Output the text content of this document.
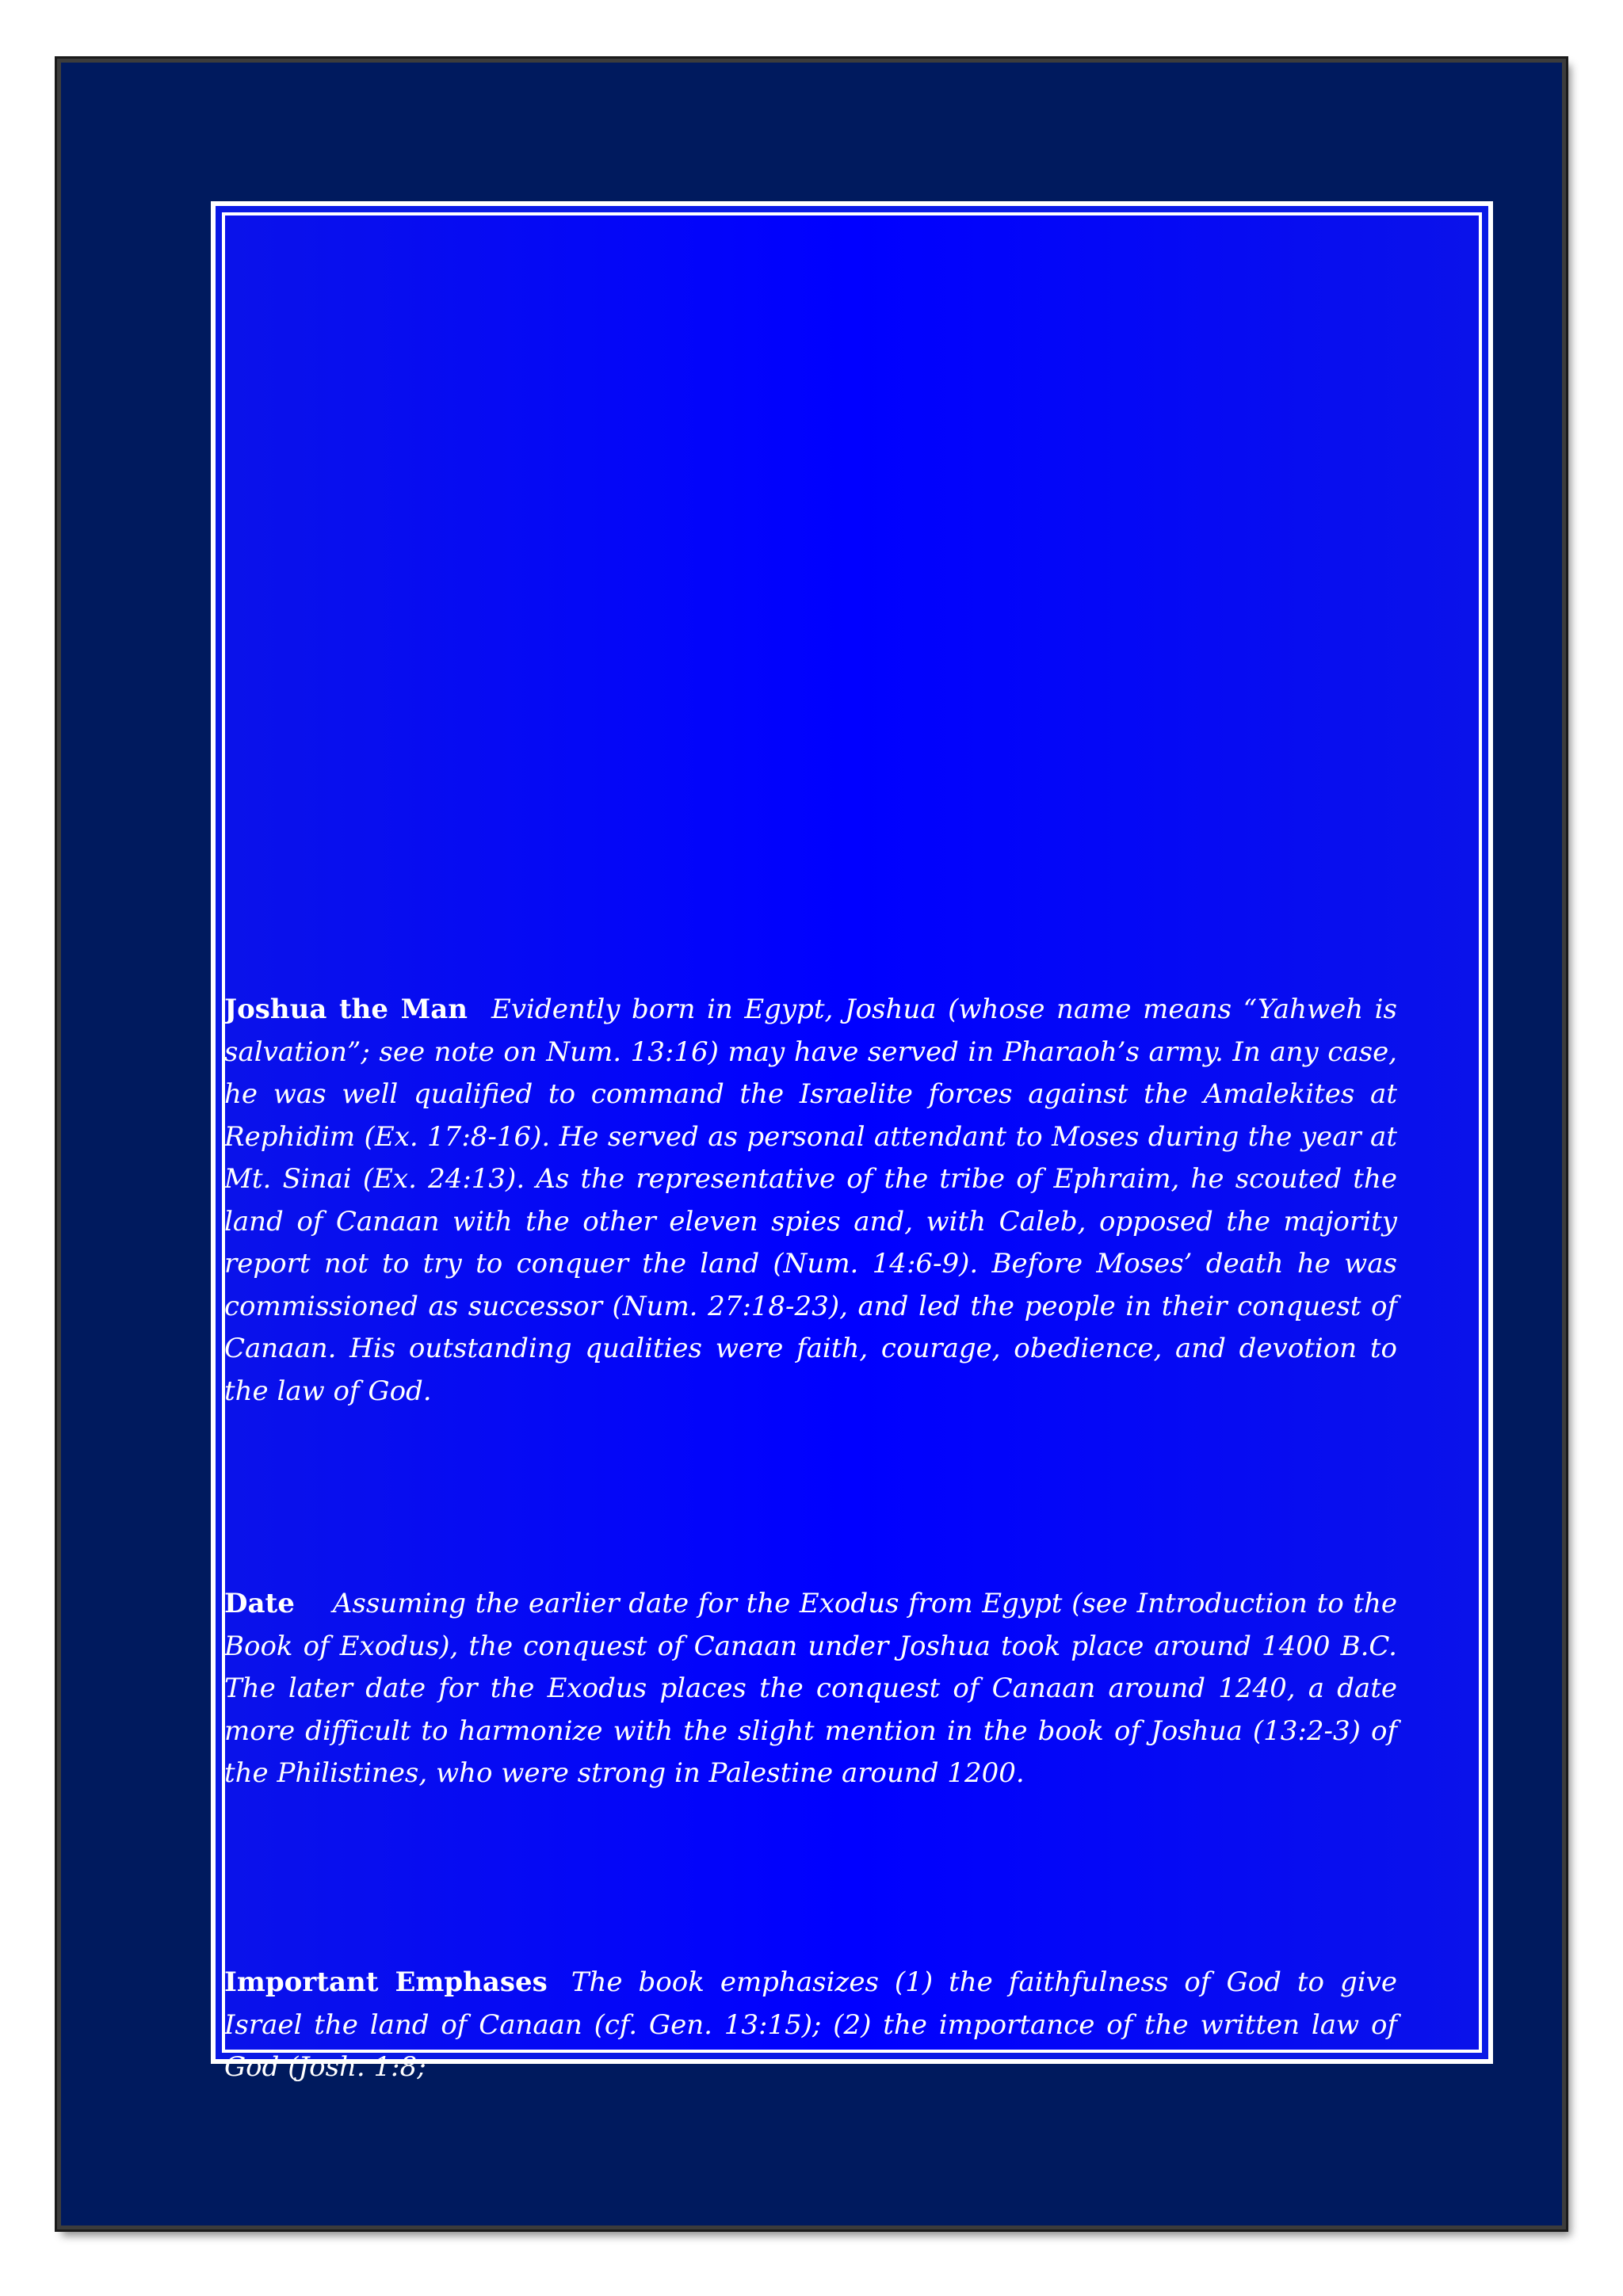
Joshua the Man Evidently born in Egypt, Joshua (whose name means “Yahweh is salvation”; see note on Num. 13:16) may have served in Pharaoh’s army. In any case, he was well qualified to command the Israelite forces against the Amalekites at Rephidim (Ex. 17:8-16). He served as personal attendant to Moses during the year at Mt. Sinai (Ex. 24:13). As the representative of the tribe of Ephraim, he scouted the land of Canaan with the other eleven spies and, with Caleb, opposed the majority report not to try to conquer the land (Num. 14:6-9). Before Moses’ death he was commissioned as successor (Num. 27:18-23), and led the people in their conquest of Canaan. His outstanding qualities were faith, courage, obedience, and devotion to the law of God.

Date Assuming the earlier date for the Exodus from Egypt (see Introduction to the Book of Exodus), the conquest of Canaan under Joshua took place around 1400 B.C. The later date for the Exodus places the conquest of Canaan around 1240, a date more difficult to harmonize with the slight mention in the book of Joshua (13:2-3) of the Philistines, who were strong in Palestine around 1200.

Important Emphases The book emphasizes (1) the faithfulness of God to give Israel the land of Canaan (cf. Gen. 13:15); (2) the importance of the written law of God (Josh. 1:8;
